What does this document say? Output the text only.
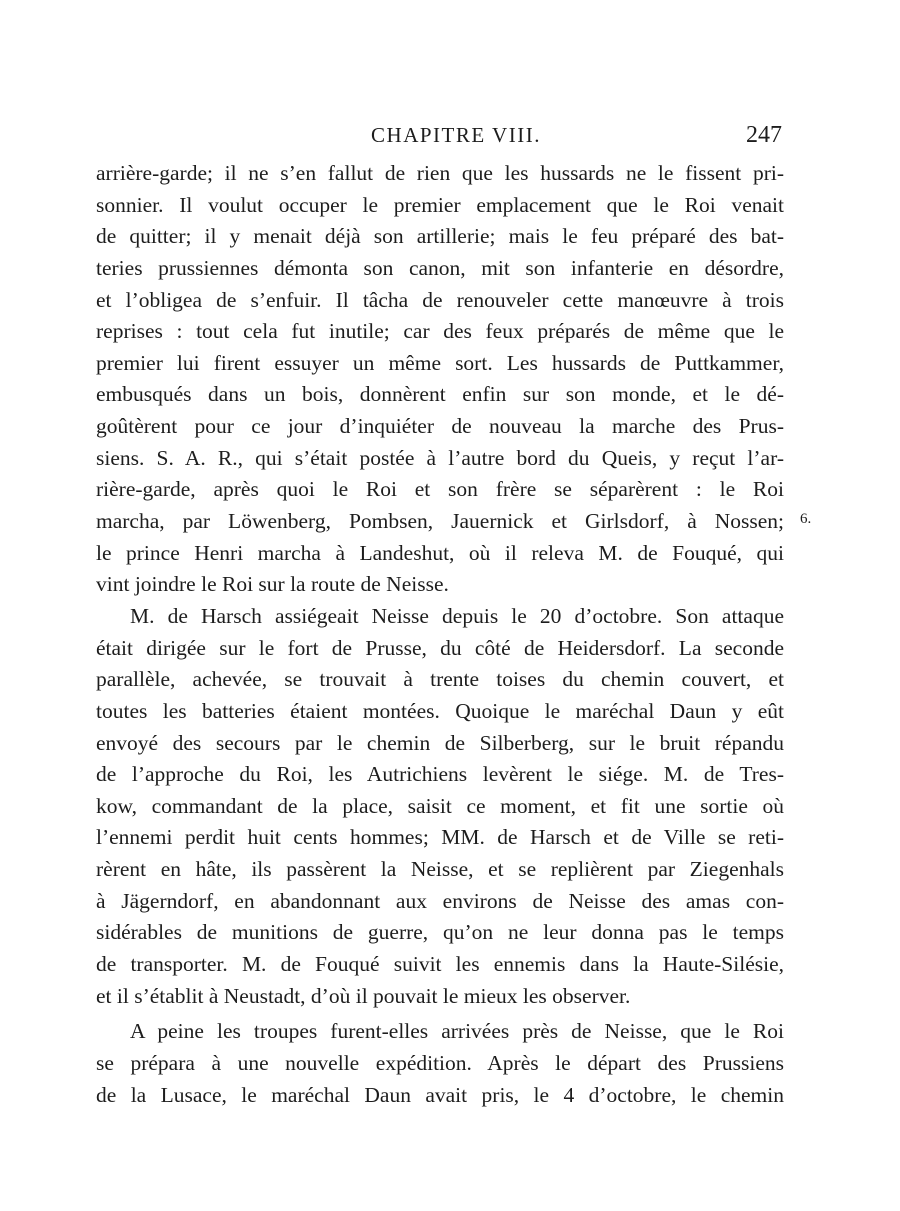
CHAPITRE VIII.	247
6.
arrière-garde; il ne s’en fallut de rien que les hussards ne le fissent pri-
sonnier. Il voulut occuper le premier emplacement que le Roi venait
de quitter; il y menait déjà son artillerie; mais le feu préparé des bat-
teries prussiennes démonta son canon, mit son infanterie en désordre,
et l’obligea de s’enfuir. Il tâcha de renouveler cette manœuvre à trois
reprises : tout cela fut inutile; car des feux préparés de même que le
premier lui firent essuyer un même sort. Les hussards de Puttkammer,
embusqués dans un bois, donnèrent enfin sur son monde, et le dé-
goûtèrent pour ce jour d’inquiéter de nouveau la marche des Prus-
siens. S. A. R., qui s’était postée à l’autre bord du Queis, y reçut l’ar-
rière-garde, après quoi le Roi et son frère se séparèrent : le Roi
marcha, par Löwenberg, Pombsen, Jauernick et Girlsdorf, à Nossen;
le prince Henri marcha à Landeshut, où il releva M. de Fouqué, qui
vint joindre le Roi sur la route de Neisse.
M. de Harsch assiégeait Neisse depuis le 20 d’octobre. Son attaque
était dirigée sur le fort de Prusse, du côté de Heidersdorf. La seconde
parallèle, achevée, se trouvait à trente toises du chemin couvert, et
toutes les batteries étaient montées. Quoique le maréchal Daun y eût
envoyé des secours par le chemin de Silberberg, sur le bruit répandu
de l’approche du Roi, les Autrichiens levèrent le siége. M. de Tres-
kow, commandant de la place, saisit ce moment, et fit une sortie où
l’ennemi perdit huit cents hommes; MM. de Harsch et de Ville se reti-
rèrent en hâte, ils passèrent la Neisse, et se replièrent par Ziegenhals
à Jägerndorf, en abandonnant aux environs de Neisse des amas con-
sidérables de munitions de guerre, qu’on ne leur donna pas le temps
de transporter. M. de Fouqué suivit les ennemis dans la Haute-Silésie,
et il s’établit à Neustadt, d’où il pouvait le mieux les observer.
A peine les troupes furent-elles arrivées près de Neisse, que le Roi
se prépara à une nouvelle expédition. Après le départ des Prussiens
de la Lusace, le maréchal Daun avait pris, le 4 d’octobre, le chemin
